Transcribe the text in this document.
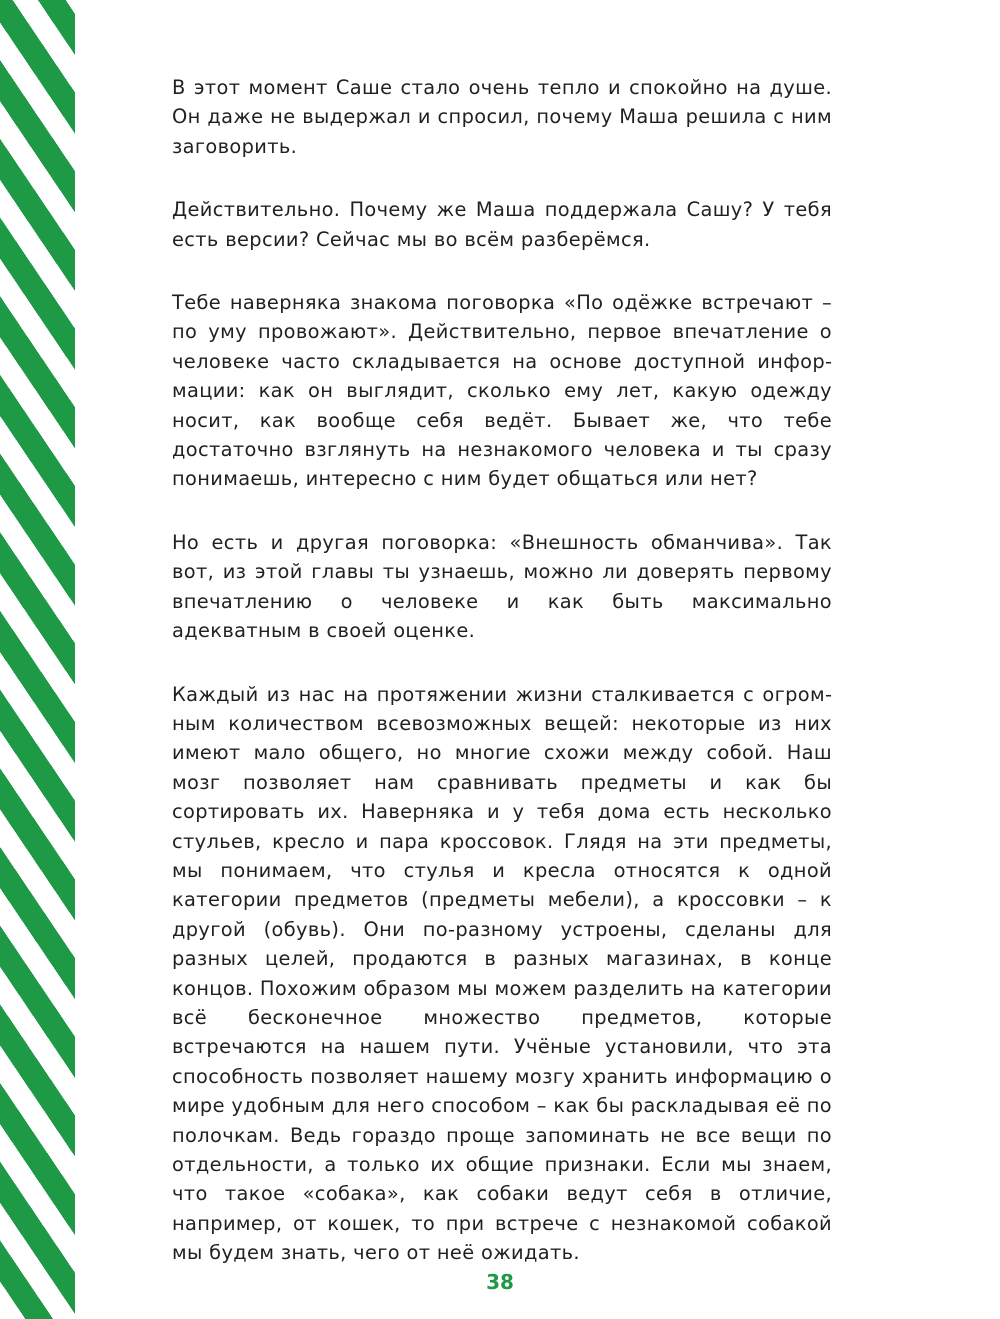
В этот момент Саше стало очень тепло и спокойно на душе. Он даже не выдержал и спросил, почему Маша решила с ним заговорить.

Действительно. Почему же Маша поддержала Сашу? У тебя есть версии? Сейчас мы во всём разберёмся.

Тебе наверняка знакома поговорка «По одёжке встречают – по уму провожают». Действительно, первое впечатление о человеке часто складывается на основе доступной информации: как он выглядит, сколько ему лет, какую одежду носит, как вообще себя ведёт. Бывает же, что тебе достаточно взглянуть на незнакомого человека и ты сразу понимаешь, интересно с ним будет общаться или нет?

Но есть и другая поговорка: «Внешность обманчива». Так вот, из этой главы ты узнаешь, можно ли доверять первому впечатлению о человеке и как быть максимально адекватным в своей оценке.

Каждый из нас на протяжении жизни сталкивается с огромным количеством всевозможных вещей: некоторые из них имеют мало общего, но многие схожи между собой. Наш мозг позволяет нам сравнивать предметы и как бы сортировать их. Наверняка и у тебя дома есть несколько стульев, кресло и пара кроссовок. Глядя на эти предметы, мы понимаем, что стулья и кресла относятся к одной категории предметов (предметы мебели), а кроссовки – к другой (обувь). Они по-разному устроены, сделаны для разных целей, продаются в разных магазинах, в конце концов. Похожим образом мы можем разделить на категории всё бесконечное множество предметов, которые встречаются на нашем пути. Учёные установили, что эта способность позволяет нашему мозгу хранить информацию о мире удобным для него способом – как бы раскладывая её по полочкам. Ведь гораздо проще запоминать не все вещи по отдельности, а только их общие признаки. Если мы знаем, что такое «собака», как собаки ведут себя в отличие, например, от кошек, то при встрече с незнакомой собакой мы будем знать, чего от неё ожидать.

38
